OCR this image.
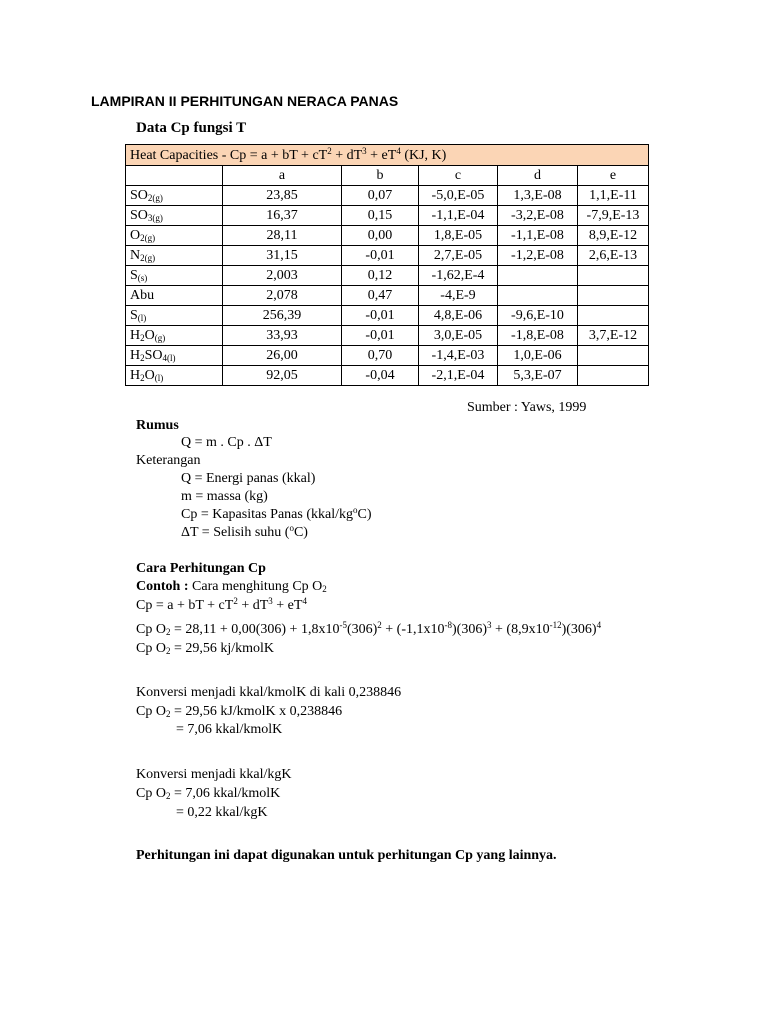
LAMPIRAN II PERHITUNGAN NERACA PANAS
Data Cp fungsi T
Heat Capacities - Cp = a + bT + $cT^2 + dT^3 + eT^4$ (KJ, K)					
	a	b	c	d	e
$SO_{2(g)}$	23,85	0,07	-5,0,E-05	1,3,E-08	1,1,E-11
$SO_{3(g)}$	16,37	0,15	-1,1,E-04	-3,2,E-08	-7,9,E-13
$O_{2(g)}$	28,11	0,00	1,8,E-05	-1,1,E-08	8,9,E-12
$N_{2(g)}$	31,15	-0,01	2,7,E-05	-1,2,E-08	2,6,E-13
$S_{(s)}$	2,003	0,12	-1,62,E-4		
Abu	2,078	0,47	-4,E-9		
$S_{(l)}$	256,39	-0,01	4,8,E-06	-9,6,E-10	
$H_2O_{(g)}$	33,93	-0,01	3,0,E-05	-1,8,E-08	3,7,E-12
$H_2SO_{4(l)}$	26,00	0,70	-1,4,E-03	1,0,E-06	
$H_2O_{(l)}$	92,05	-0,04	-2,1,E-04	5,3,E-07	
Sumber : Yaws, 1999
Rumus
Q = m . Cp . ΔT
Keterangan
Q = Energi panas (kkal)
m = massa (kg)
Cp = Kapasitas Panas $(kkal/kg^oC)$
ΔT = Selisih suhu ($^o$C)
Cara Perhitungan Cp
Contoh : Cara menghitung Cp $O_2$
Cp = a + bT + $cT^2 + dT^3 + eT^4$
Cp $O_2 = 28,11 + 0,00(306) + 1,8x10^{-5}(306)^2 + (-1,1x10^{-8})(306)^3 + (8,9x10^{-12})(306)^4$
Cp $O_2 = 29,56$ kj/kmolK
Konversi menjadi kkal/kmolK di kali 0,238846
Cp $O_2 = 29,56$ kJ/kmolK x 0,238846
= 7,06 kkal/kmolK
Konversi menjadi kkal/kgK
Cp $O_2 = 7,06$ kkal/kmolK
= 0,22 kkal/kgK
Perhitungan ini dapat digunakan untuk perhitungan Cp yang lainnya.
